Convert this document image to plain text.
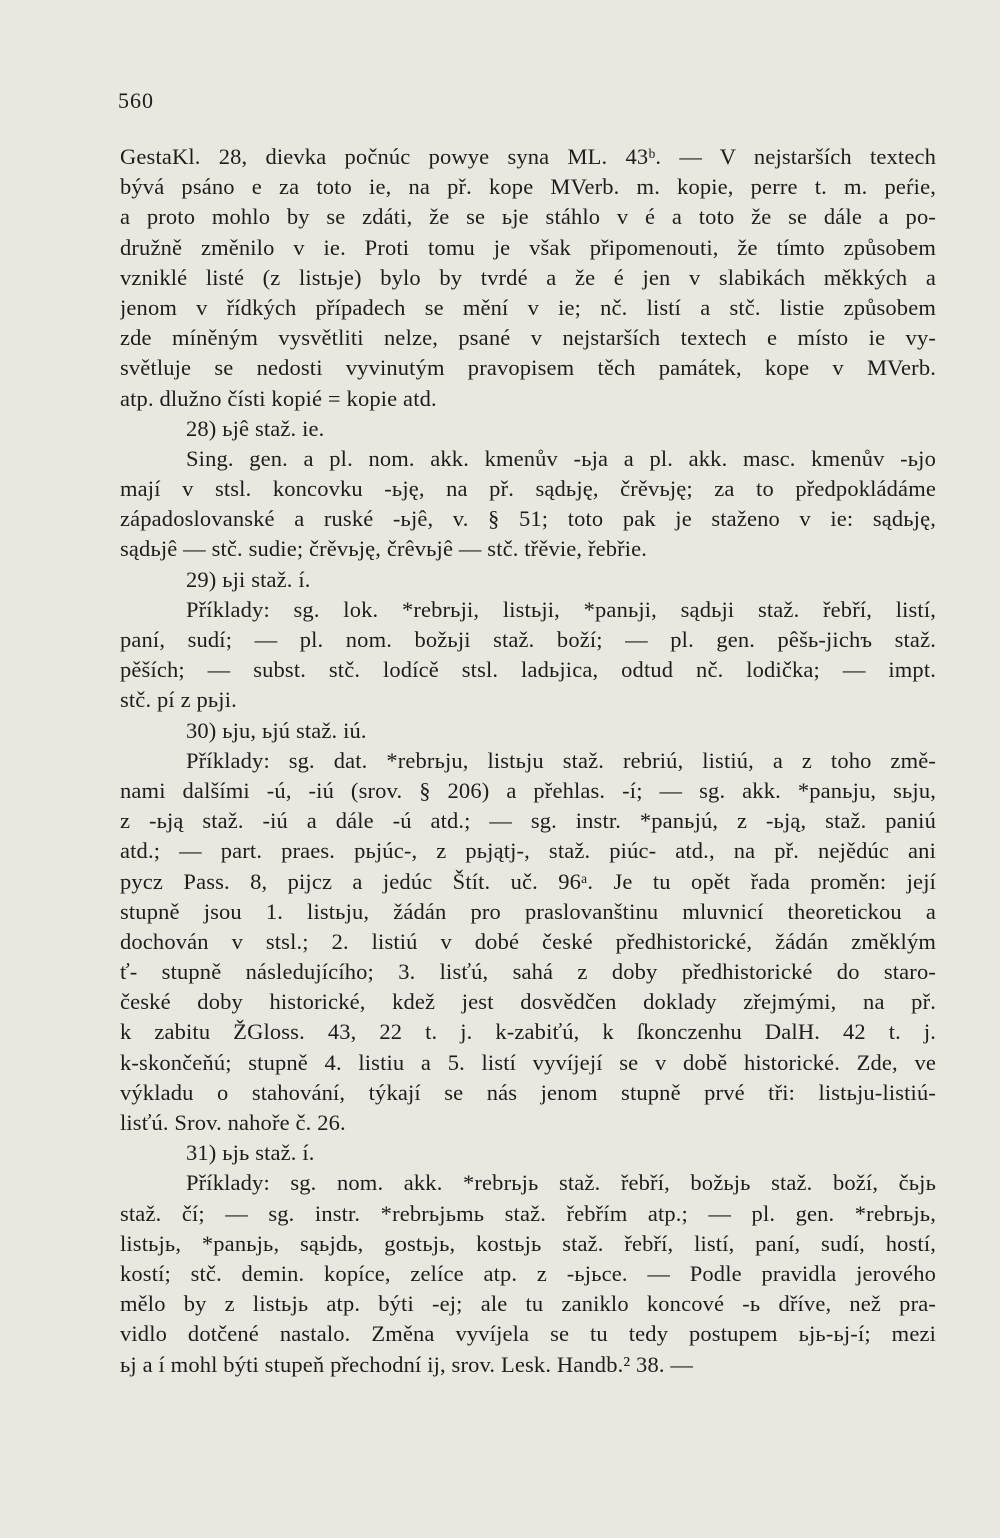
560
GestaKl. 28, dievka počnúc powye syna ML. 43ᵇ. — V nejstarších textech
bývá psáno e za toto ie, na př. kope MVerb. m. kopie, perre t. m. peŕie,
a proto mohlo by se zdáti, že se ьje stáhlo v é a toto že se dále a po-
družně změnilo v ie. Proti tomu je však připomenouti, že tímto způsobem
vzniklé listé (z listьje) bylo by tvrdé a že é jen v slabikách měkkých a
jenom v řídkých případech se mění v ie; nč. listí a stč. listie způsobem
zde míněným vysvětliti nelze, psané v nejstarších textech e místo ie vy-
světluje se nedosti vyvinutým pravopisem těch památek, kope v MVerb.
atp. dlužno čísti kopié = kopie atd.
28) ьjê staž. ie.
Sing. gen. a pl. nom. akk. kmenův -ьja a pl. akk. masc. kmenův -ьjo
mají v stsl. koncovku -ьję, na př. sądьję, črěvьję; za to předpokládáme
západoslovanské a ruské -ьjê, v. § 51; toto pak je staženo v ie: sądьję,
sądьjê — stč. sudie; črěvьję, črêvьjê — stč. třěvie, řebřie.
29) ьji staž. í.
Příklady: sg. lok. *rebrьji, listьji, *panьji, sądьji staž. řebří, listí,
paní, sudí; — pl. nom. božьji staž. boží; — pl. gen. pêšь-jichъ staž.
pěších; — subst. stč. lodícě stsl. ladьjica, odtud nč. lodička; — impt.
stč. pí z pьji.
30) ьju, ьjú staž. iú.
Příklady: sg. dat. *rebrьju, listьju staž. rebriú, listiú, a z toho změ-
nami dalšími -ú, -iú (srov. § 206) a přehlas. -í; — sg. akk. *panьju, sьju,
z -ьją staž. -iú a dále -ú atd.; — sg. instr. *panьjú, z -ьją, staž. paniú
atd.; — part. praes. pьjúc-, z pьjątj-, staž. piúc- atd., na př. nejědúc ani
pycz Pass. 8, pijcz a jedúc Štít. uč. 96ᵃ. Je tu opět řada proměn: její
stupně jsou 1. listьju, žádán pro praslovanštinu mluvnicí theoretickou a
dochován v stsl.; 2. listiú v dobé české předhistorické, žádán změklým
ť- stupně následujícího; 3. lisťú, sahá z doby předhistorické do staro-
české doby historické, kdež jest dosvědčen doklady zřejmými, na př.
k zabitu ŽGloss. 43, 22 t. j. k-zabiťú, k ſkonczenhu DalH. 42 t. j.
k-skončeňú; stupně 4. listiu a 5. listí vyvíjejí se v době historické. Zde, ve
výkladu o stahování, týkají se nás jenom stupně prvé tři: listьju-listiú-
lisťú. Srov. nahoře č. 26.
31) ьjь staž. í.
Příklady: sg. nom. akk. *rebrьjь staž. řebří, božьjь staž. boží, čьjь
staž. čí; — sg. instr. *rebrьjьmь staž. řebřím atp.; — pl. gen. *rebrьjь,
listьjь, *panьjь, sąьjdь, gostьjь, kostьjь staž. řebří, listí, paní, sudí, hostí,
kostí; stč. demin. kopíce, zelíce atp. z -ьjьce. — Podle pravidla jerového
mělo by z listьjь atp. býti -ej; ale tu zaniklo koncové -ь dříve, než pra-
vidlo dotčené nastalo. Změna vyvíjela se tu tedy postupem ьjь-ьj-í; mezi
ьj a í mohl býti stupeň přechodní ij, srov. Lesk. Handb.² 38. —
